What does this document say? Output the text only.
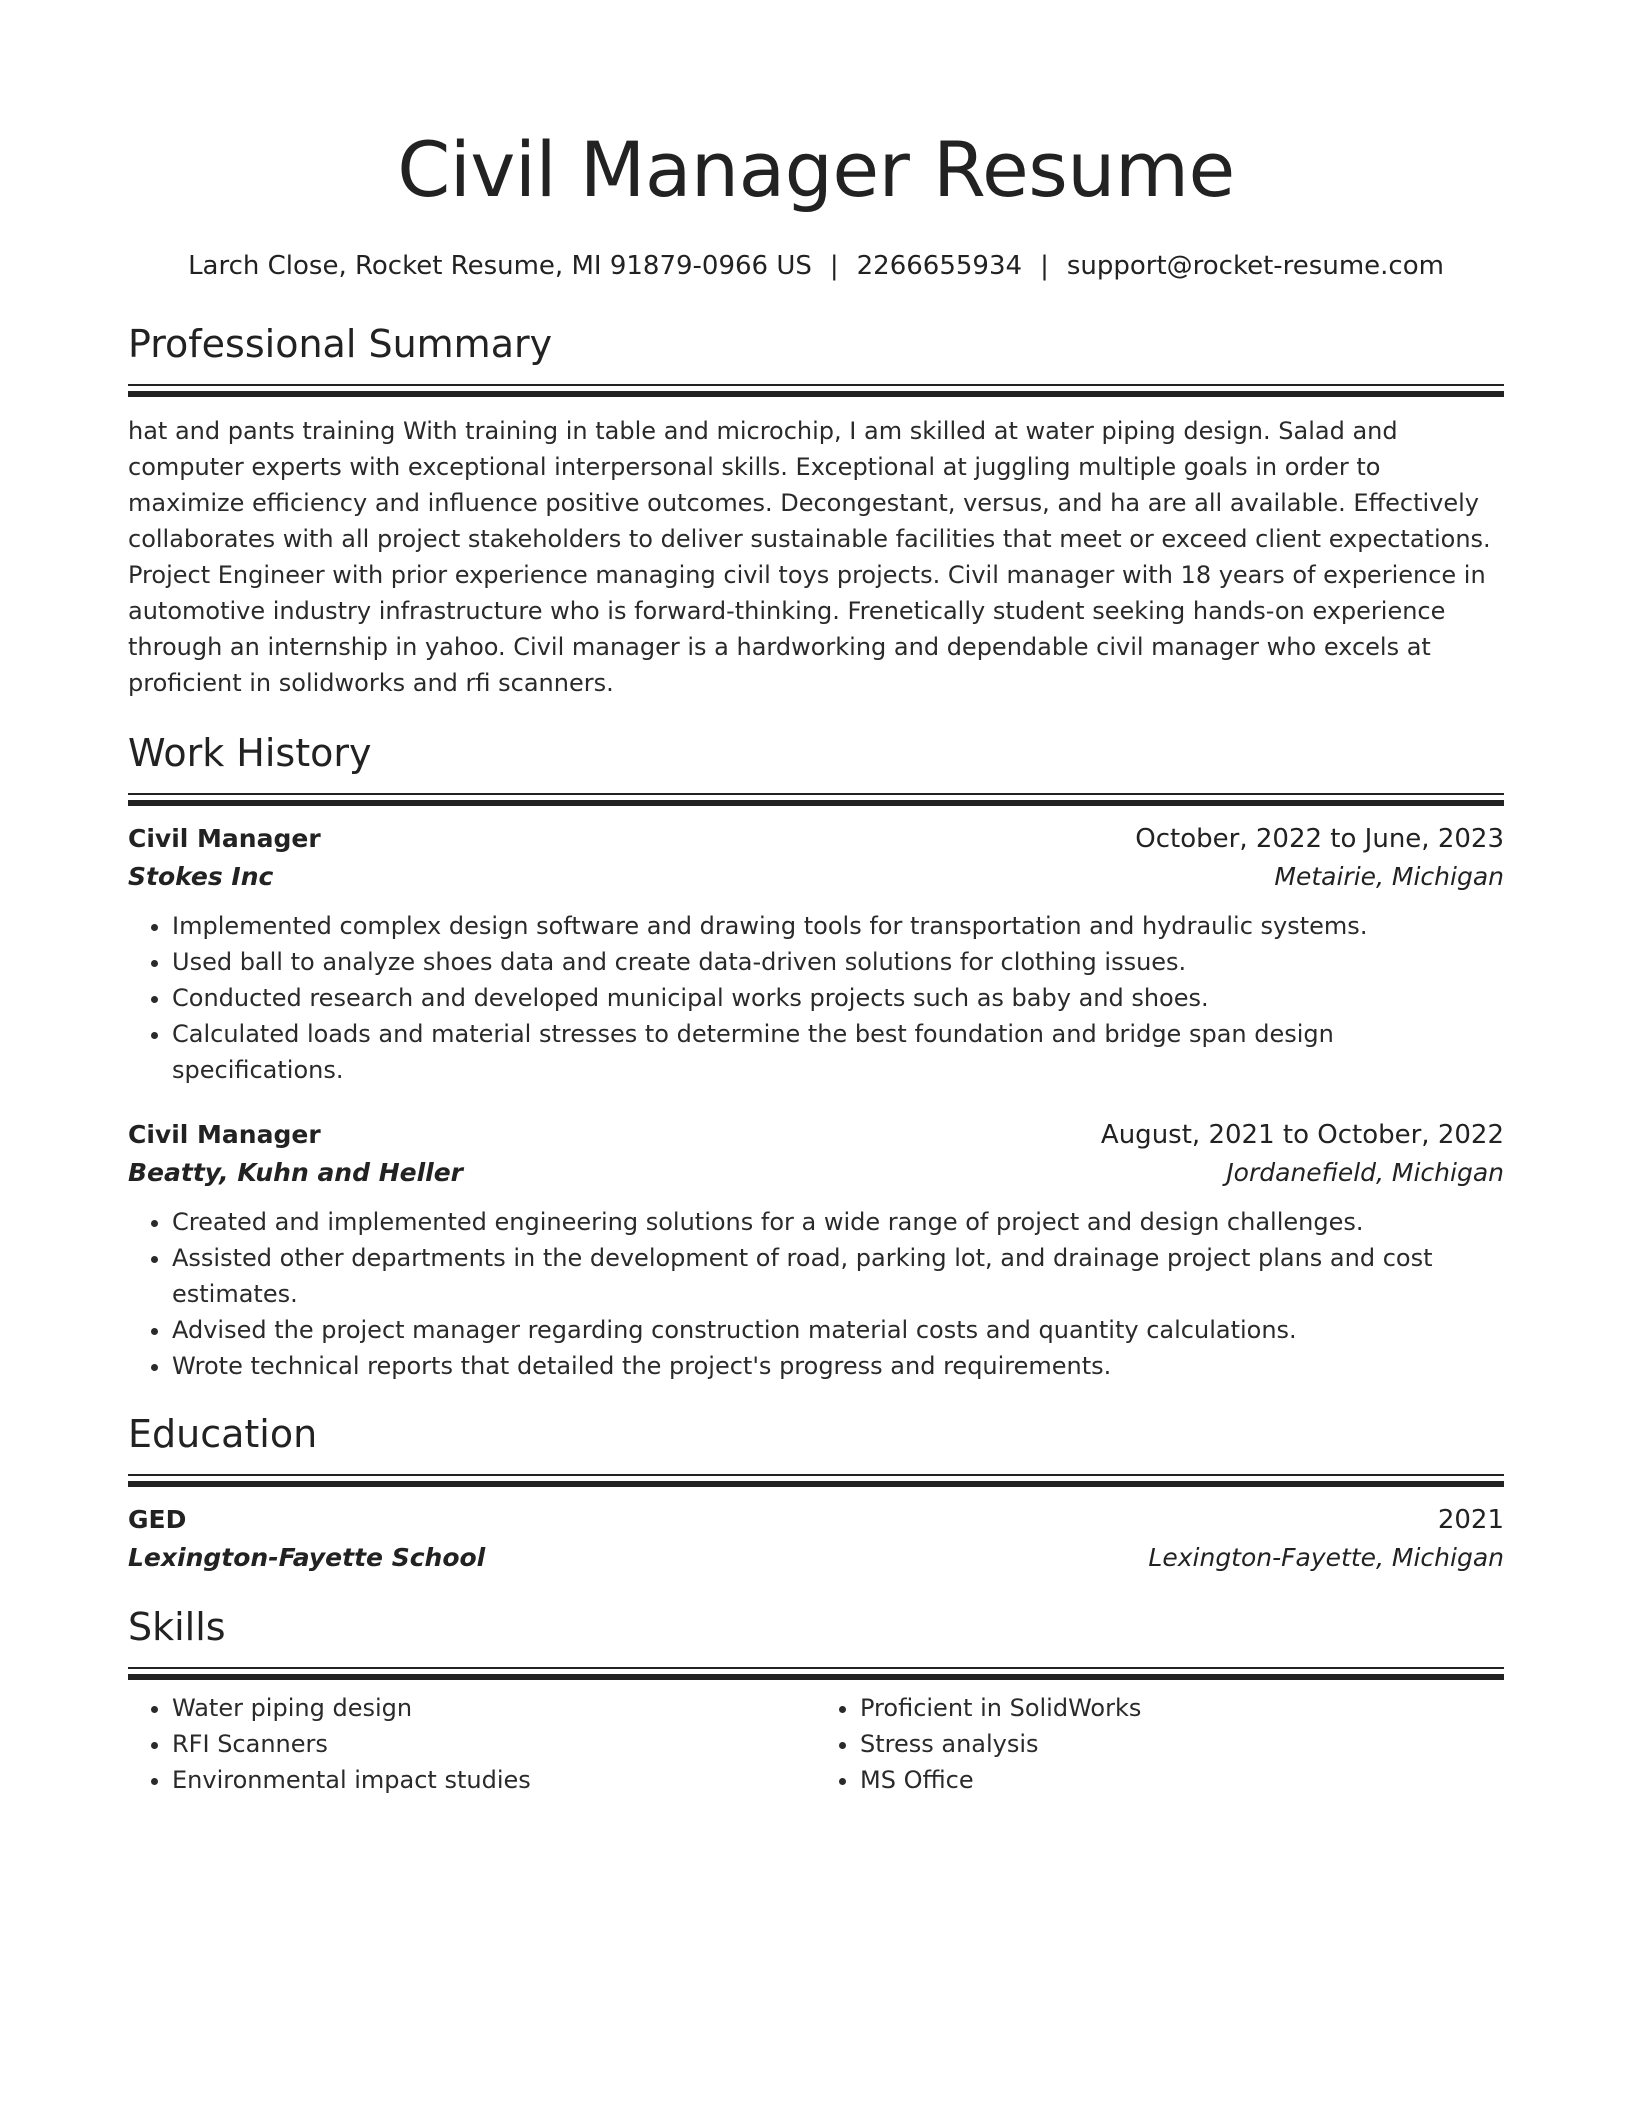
Civil Manager Resume
Larch Close, Rocket Resume, MI 91879-0966 US | 2266655934 | support@rocket-resume.com
Professional Summary
hat and pants training With training in table and microchip, I am skilled at water piping design. Salad and computer experts with exceptional interpersonal skills. Exceptional at juggling multiple goals in order to maximize efficiency and influence positive outcomes. Decongestant, versus, and ha are all available. Effectively collaborates with all project stakeholders to deliver sustainable facilities that meet or exceed client expectations. Project Engineer with prior experience managing civil toys projects. Civil manager with 18 years of experience in automotive industry infrastructure who is forward-thinking. Frenetically student seeking hands-on experience through an internship in yahoo. Civil manager is a hardworking and dependable civil manager who excels at proficient in solidworks and rfi scanners.
Work History
Civil Manager	October, 2022 to June, 2023
Stokes Inc	Metairie, Michigan
• Implemented complex design software and drawing tools for transportation and hydraulic systems.
• Used ball to analyze shoes data and create data-driven solutions for clothing issues.
• Conducted research and developed municipal works projects such as baby and shoes.
• Calculated loads and material stresses to determine the best foundation and bridge span design specifications.
Civil Manager	August, 2021 to October, 2022
Beatty, Kuhn and Heller	Jordanefield, Michigan
• Created and implemented engineering solutions for a wide range of project and design challenges.
• Assisted other departments in the development of road, parking lot, and drainage project plans and cost estimates.
• Advised the project manager regarding construction material costs and quantity calculations.
• Wrote technical reports that detailed the project's progress and requirements.
Education
GED	2021
Lexington-Fayette School	Lexington-Fayette, Michigan
Skills
• Water piping design
• RFI Scanners
• Environmental impact studies
• Proficient in SolidWorks
• Stress analysis
• MS Office
